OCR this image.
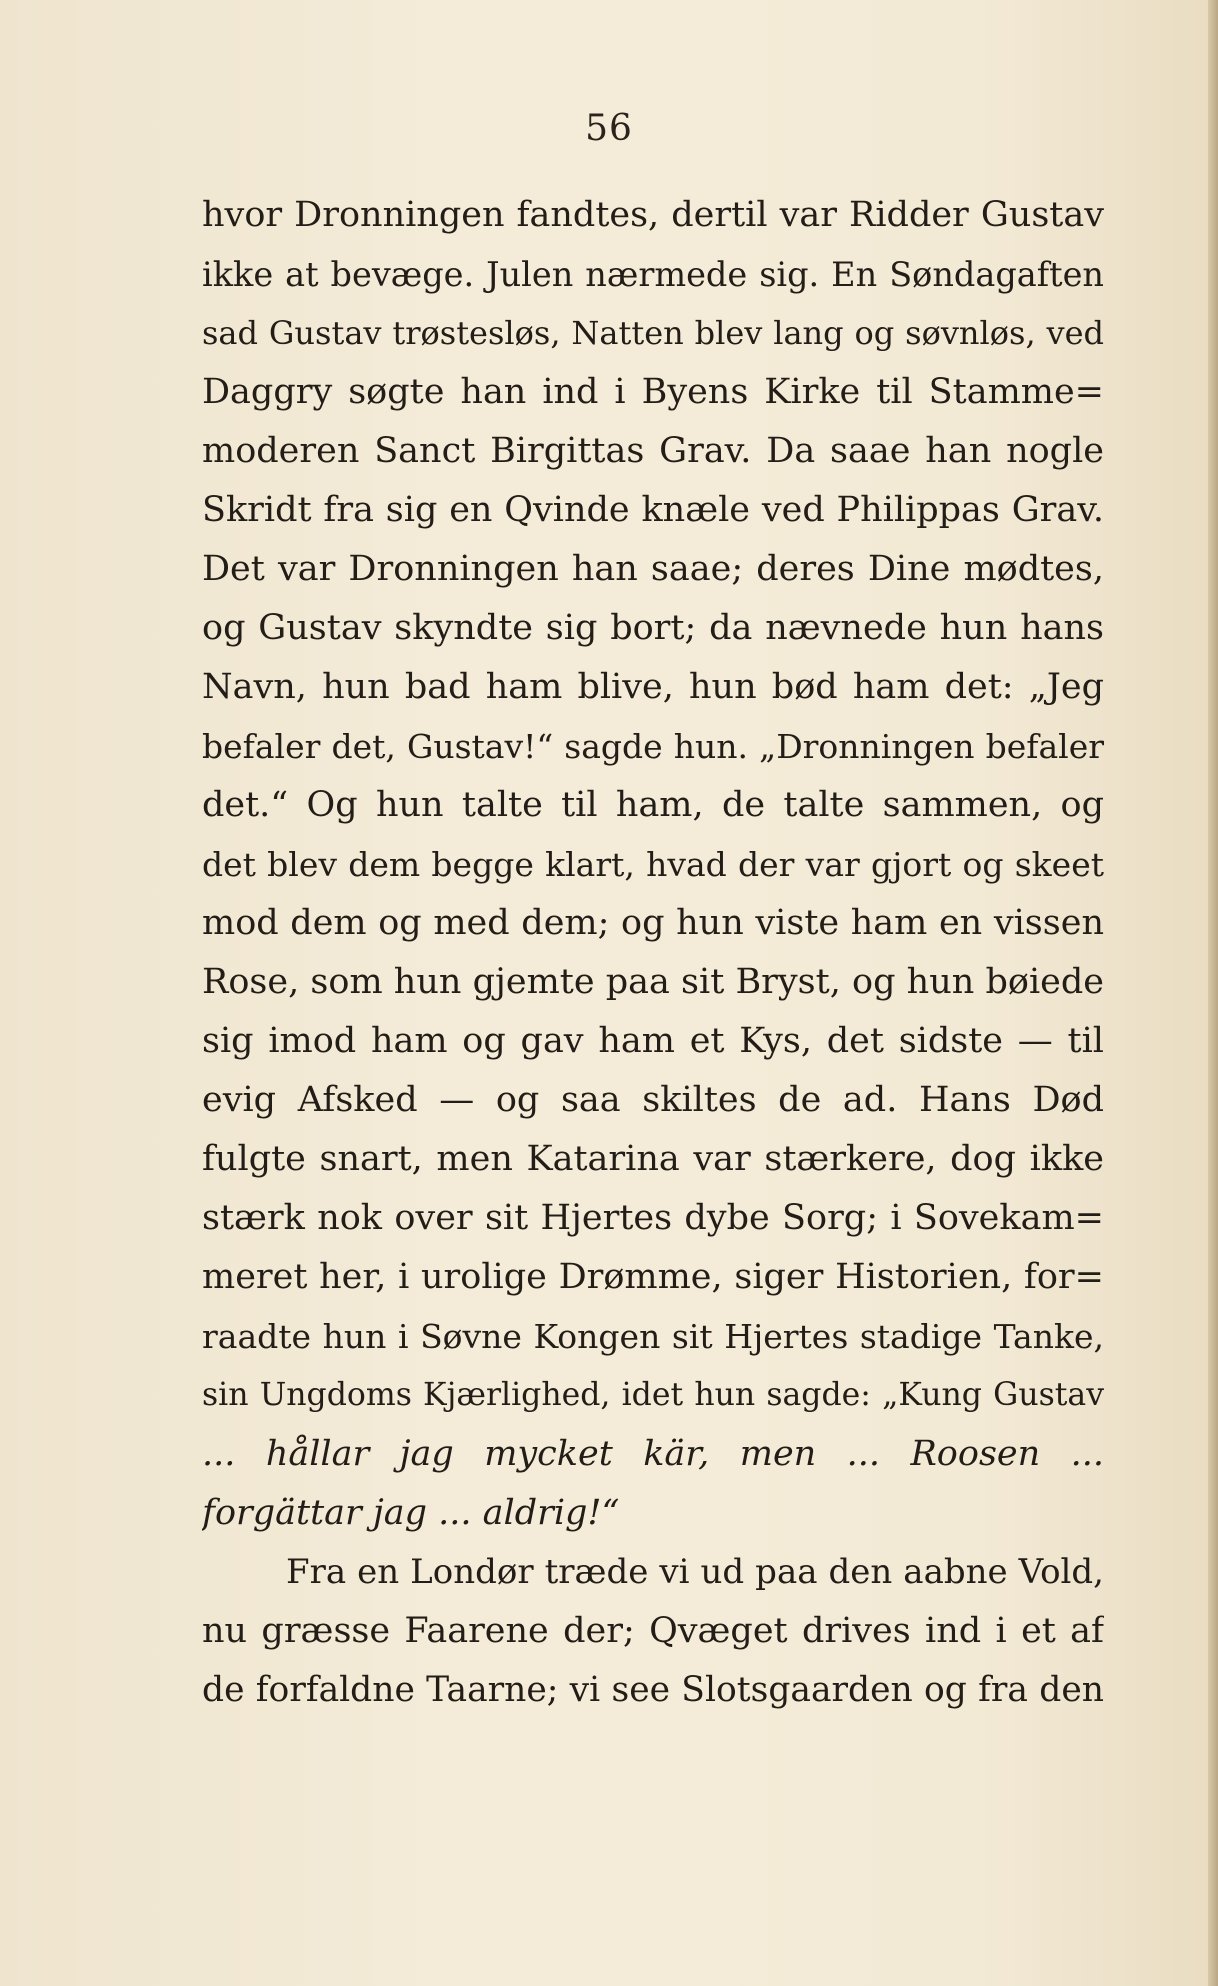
56
hvor Dronningen fandtes, dertil var Ridder Gustav
ikke at bevæge. Julen nærmede sig. En Søndagaften
sad Gustav trøstesløs, Natten blev lang og søvnløs, ved
Daggry søgte han ind i Byens Kirke til Stamme=
moderen Sanct Birgittas Grav. Da saae han nogle
Skridt fra sig en Qvinde knæle ved Philippas Grav.
Det var Dronningen han saae; deres Dine mødtes,
og Gustav skyndte sig bort; da nævnede hun hans
Navn, hun bad ham blive, hun bød ham det: „Jeg
befaler det, Gustav!“ sagde hun. „Dronningen befaler
det.“ Og hun talte til ham, de talte sammen, og
det blev dem begge klart, hvad der var gjort og skeet
mod dem og med dem; og hun viste ham en vissen
Rose, som hun gjemte paa sit Bryst, og hun bøiede
sig imod ham og gav ham et Kys, det sidste — til
evig Afsked — og saa skiltes de ad. Hans Død
fulgte snart, men Katarina var stærkere, dog ikke
stærk nok over sit Hjertes dybe Sorg; i Sovekam=
meret her, i urolige Drømme, siger Historien, for=
raadte hun i Søvne Kongen sit Hjertes stadige Tanke,
sin Ungdoms Kjærlighed, idet hun sagde: „Kung Gustav
... hållar jag mycket kär, men ... Roosen ...
forgättar jag ... aldrig!“
Fra en Londør træde vi ud paa den aabne Vold,
nu græsse Faarene der; Qvæget drives ind i et af
de forfaldne Taarne; vi see Slotsgaarden og fra den
